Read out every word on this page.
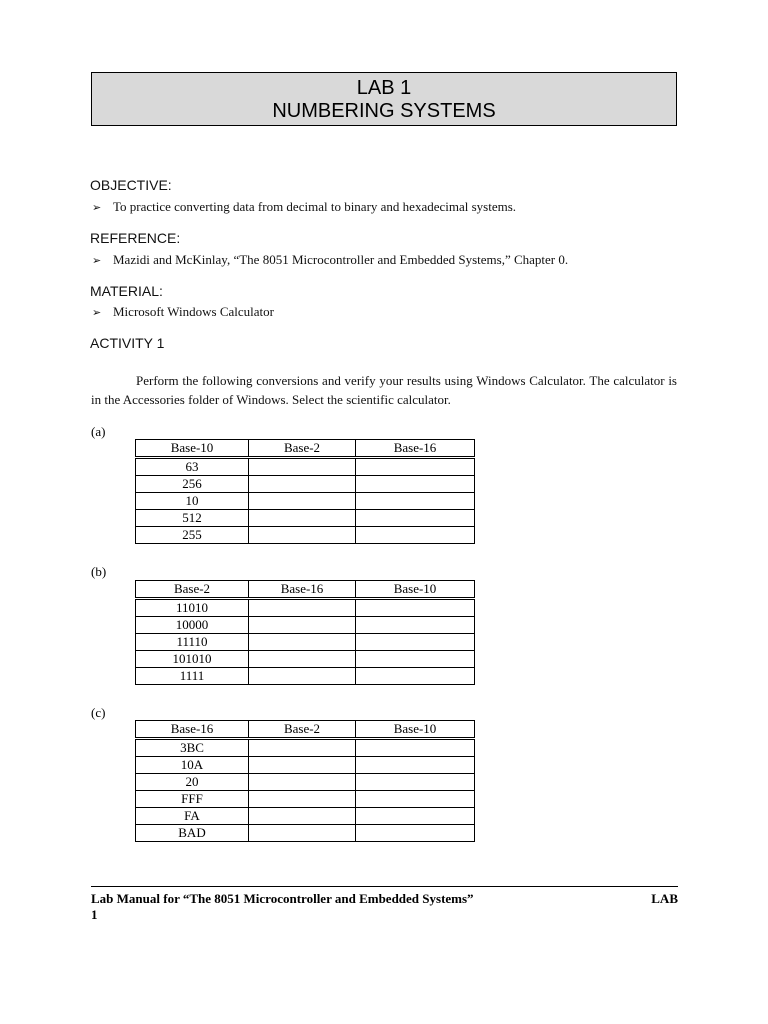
LAB 1
NUMBERING SYSTEMS
OBJECTIVE:
➢ To practice converting data from decimal to binary and hexadecimal systems.
REFERENCE:
➢ Mazidi and McKinlay, “The 8051 Microcontroller and Embedded Systems,” Chapter 0.
MATERIAL:
➢ Microsoft Windows Calculator
ACTIVITY 1
Perform the following conversions and verify your results using Windows Calculator. The calculator is in the Accessories folder of Windows. Select the scientific calculator.
(a)
Base-10	Base-2	Base-16
63		
256		
10		
512		
255		
(b)
Base-2	Base-16	Base-10
11010		
10000		
11110		
101010		
1111		
(c)
Base-16	Base-2	Base-10
3BC		
10A		
20		
FFF		
FA		
BAD		
Lab Manual for “The 8051 Microcontroller and Embedded Systems”	LAB
1
